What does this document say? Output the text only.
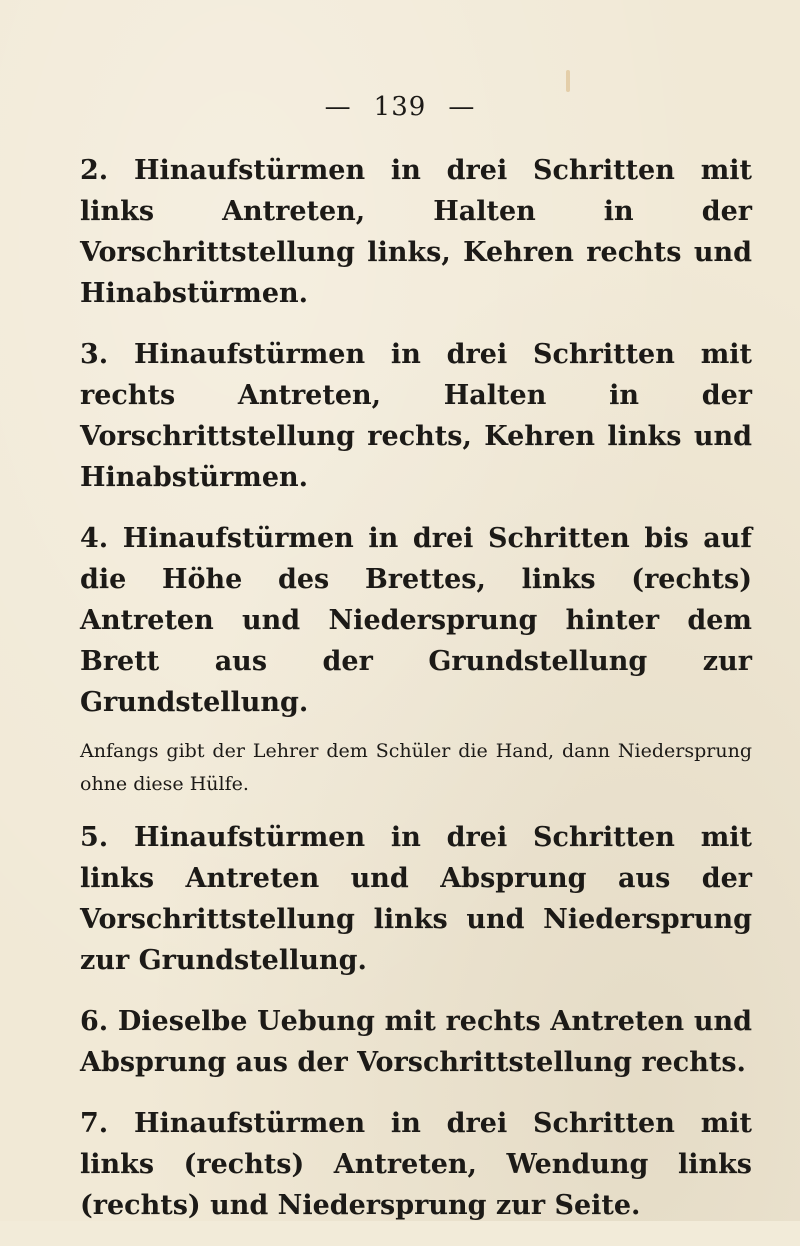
— 139 —

2. Hinaufstürmen in drei Schritten mit links Antreten, Halten in der Vorschrittstellung links, Kehren rechts und Hinabstürmen.

3. Hinaufstürmen in drei Schritten mit rechts Antreten, Halten in der Vorschrittstellung rechts, Kehren links und Hinabstürmen.

4. Hinaufstürmen in drei Schritten bis auf die Höhe des Brettes, links (rechts) Antreten und Niedersprung hinter dem Brett aus der Grundstellung zur Grundstellung.

Anfangs gibt der Lehrer dem Schüler die Hand, dann Niedersprung ohne diese Hülfe.

5. Hinaufstürmen in drei Schritten mit links Antreten und Absprung aus der Vorschrittstellung links und Niedersprung zur Grundstellung.

6. Dieselbe Uebung mit rechts Antreten und Absprung aus der Vorschrittstellung rechts.

7. Hinaufstürmen in drei Schritten mit links (rechts) Antreten, Wendung links (rechts) und Niedersprung zur Seite.
